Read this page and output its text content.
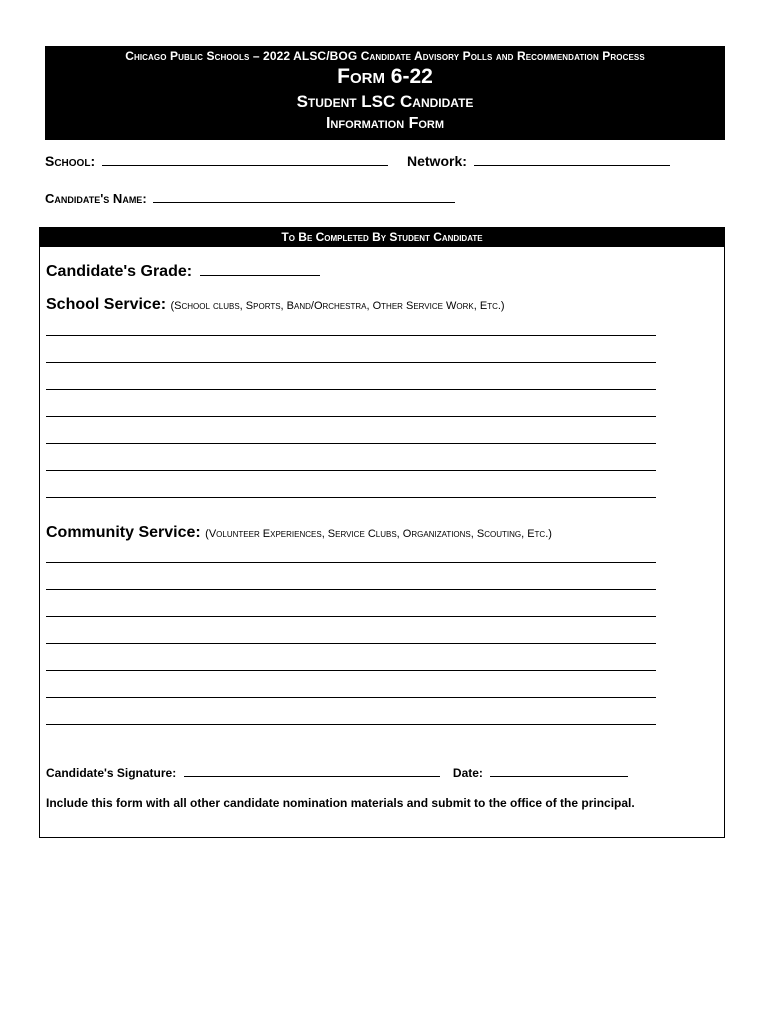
Chicago Public Schools – 2022 ALSC/BOG Candidate Advisory Polls and Recommendation Process
Form 6-22
Student LSC Candidate
Information Form
School:	Network:
Candidate's Name:
To Be Completed By Student Candidate
Candidate's Grade:
School Service: (School clubs, Sports, Band/Orchestra, Other Service Work, Etc.)
Community Service: (Volunteer Experiences, Service Clubs, Organizations, Scouting, Etc.)
Candidate's Signature:	Date:
Include this form with all other candidate nomination materials and submit to the office of the principal.
